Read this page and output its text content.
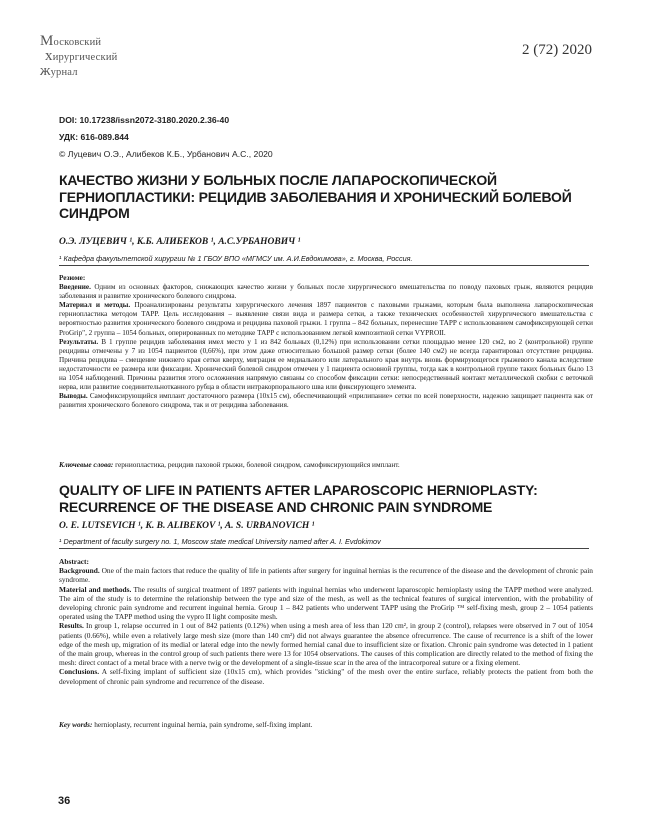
Московский
хирургический
журнал
2 (72) 2020
DOI: 10.17238/issn2072-3180.2020.2.36-40
УДК: 616-089.844
© Луцевич О.Э., Алибеков К.Б., Урбанович А.С., 2020
КАЧЕСТВО ЖИЗНИ У БОЛЬНЫХ ПОСЛЕ ЛАПАРОСКОПИЧЕСКОЙ ГЕРНИОПЛАСТИКИ: РЕЦИДИВ ЗАБОЛЕВАНИЯ И ХРОНИЧЕСКИЙ БОЛЕВОЙ СИНДРОМ
О.Э. ЛУЦЕВИЧ ¹, К.Б. АЛИБЕКОВ ¹, А.С.УРБАНОВИЧ ¹
¹ Кафедра факультетской хирургии № 1 ГБОУ ВПО «МГМСУ им. А.И.Евдокимова», г. Москва, Россия.

Резюме:

Введение. Одним из основных факторов, снижающих качество жизни у больных после хирургического вмешательства по поводу паховых грыж, являются рецидив заболевания и развитие хронического болевого синдрома.

Материал и методы. Проанализированы результаты хирургического лечения 1897 пациентов с паховыми грыжами, которым была выполнена лапароскопическая герниопластика методом ТАРР. Цель исследования – выявление связи вида и размера сетки, а также технических особенностей хирургического вмешательства с вероятностью развития хронического болевого синдрома и рецидива паховой грыжи. 1 группа – 842 больных, перенесшие ТАРР с использованием самофиксирующей сетки ProGrip", 2 группа – 1054 больных, оперированных по методике ТАРР с использованием легкой композитной сетки VYPROII.

Результаты. В 1 группе рецидив заболевания имел место у 1 из 842 больных (0,12%) при использовании сетки площадью менее 120 см2, во 2 (контрольной) группе рецидивы отмечены у 7 из 1054 пациентов (0,66%), при этом даже относительно большой размер сетки (более 140 см2) не всегда гарантировал отсутствие рецидива. Причина рецидива – смещение нижнего края сетки кверху, миграция ее медиального или латерального края внутрь вновь формирующегося грыжевого канала вследствие недостаточности ее размера или фиксации. Хронический болевой синдром отмечен у 1 пациента основной группы, тогда как в контрольной группе таких больных было 13 на 1054 наблюдений. Причины развития этого осложнения напрямую связаны со способом фиксации сетки: непосредственный контакт металлической скобки с веточкой нерва, или развитие соединительнотканного рубца в области интракорпорального шва или фиксирующего элемента.

Выводы. Самофиксирующийся имплант достаточного размера (10х15 см), обеспечивающий «прилипание» сетки по всей поверхности, надежно защищает пациента как от развития хронического болевого синдрома, так и от рецидива заболевания.

Ключевые слова: герниопластика, рецидив паховой грыжи, болевой синдром, самофиксирующийся имплант.
QUALITY OF LIFE IN PATIENTS AFTER LAPAROSCOPIC HERNIOPLASTY: RECURRENCE OF THE DISEASE AND CHRONIC PAIN SYNDROME
O. E. LUTSEVICH ¹, K. B. ALIBEKOV ¹, A. S. URBANOVICH ¹
¹ Department of faculty surgery no. 1, Moscow state medical University named after A. I. Evdokimov

Abstract:

Background. One of the main factors that reduce the quality of life in patients after surgery for inguinal hernias is the recurrence of the disease and the development of chronic pain syndrome.

Material and methods. The results of surgical treatment of 1897 patients with inguinal hernias who underwent laparoscopic hernioplasty using the TAPP method were analyzed. The aim of the study is to determine the relationship between the type and size of the mesh, as well as the technical features of surgical intervention, with the probability of developing chronic pain syndrome and recurrent inguinal hernia. Group 1 – 842 patients who underwent TAPP using the ProGrip ™ self-fixing mesh, group 2 – 1054 patients operated using the TAPP method using the vypro II light composite mesh.

Results. In group 1, relapse occurred in 1 out of 842 patients (0.12%) when using a mesh area of less than 120 cm², in group 2 (control), relapses were observed in 7 out of 1054 patients (0.66%), while even a relatively large mesh size (more than 140 cm²) did not always guarantee the absence ofrecurrence. The cause of recurrence is a shift of the lower edge of the mesh up, migration of its medial or lateral edge into the newly formed hernial canal due to insufficient size or fixation. Chronic pain syndrome was detected in 1 patient of the main group, whereas in the control group of such patients there were 13 for 1054 observations. The causes of this complication are directly related to the method of fixing the mesh: direct contact of a metal brace with a nerve twig or the development of a single-tissue scar in the area of the intracorporeal suture or a fixing element.

Conclusions. A self-fixing implant of sufficient size (10x15 cm), which provides "sticking" of the mesh over the entire surface, reliably protects the patient from both the development of chronic pain syndrome and recurrence of the disease.

Key words: hernioplasty, recurrent inguinal hernia, pain syndrome, self-fixing implant.
36
